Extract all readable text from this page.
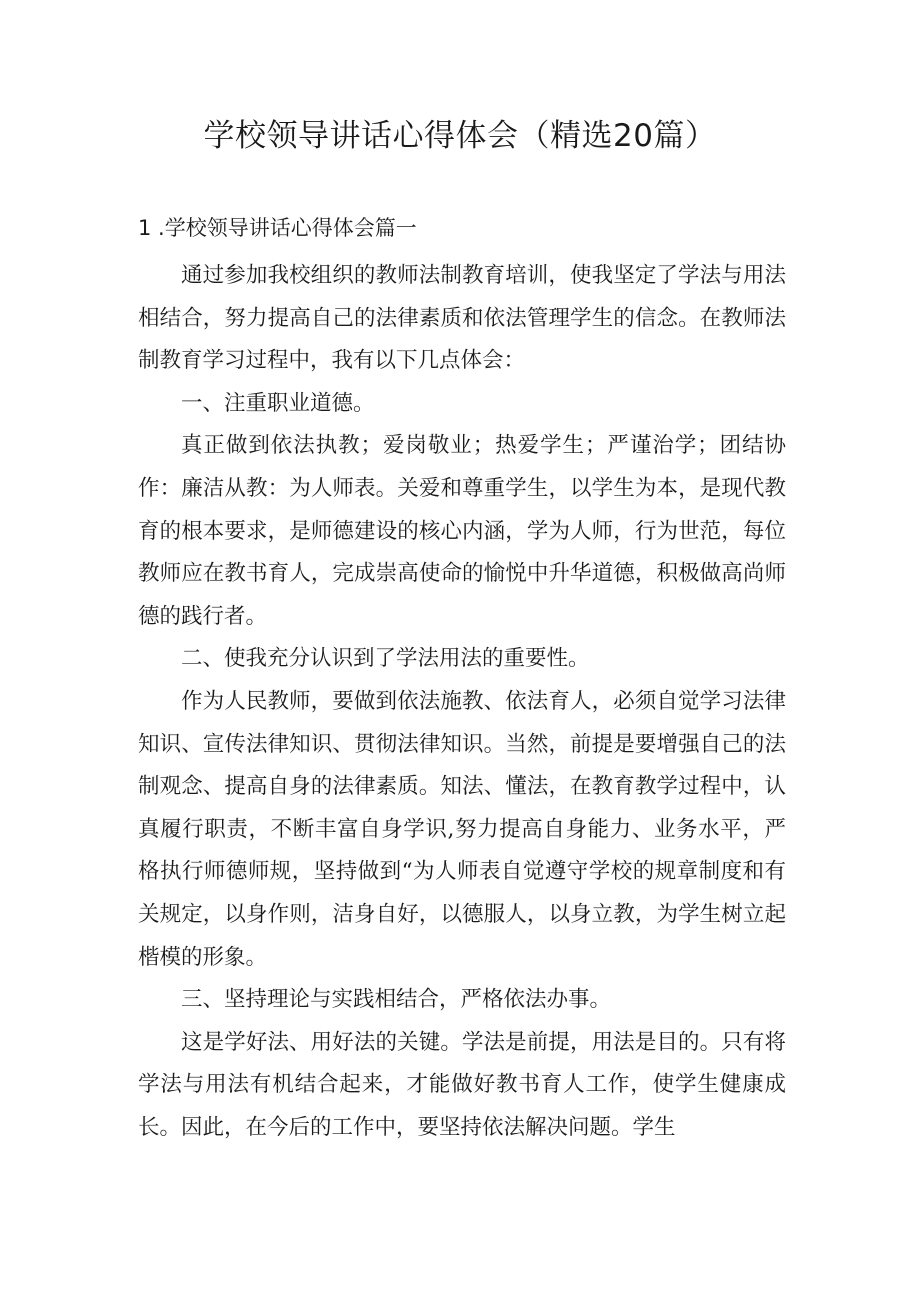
学校领导讲话心得体会（精选20篇）
1 .学校领导讲话心得体会篇一

通过参加我校组织的教师法制教育培训，使我坚定了学法与用法相结合，努力提高自己的法律素质和依法管理学生的信念。在教师法制教育学习过程中，我有以下几点体会：

一、注重职业道德。

真正做到依法执教；爱岗敬业；热爱学生；严谨治学；团结协作：廉洁从教：为人师表。关爱和尊重学生，以学生为本，是现代教育的根本要求，是师德建设的核心内涵，学为人师，行为世范，每位教师应在教书育人，完成崇高使命的愉悦中升华道德，积极做高尚师德的践行者。

二、使我充分认识到了学法用法的重要性。

作为人民教师，要做到依法施教、依法育人，必须自觉学习法律知识、宣传法律知识、贯彻法律知识。当然，前提是要增强自己的法制观念、提高自身的法律素质。知法、懂法，在教育教学过程中，认真履行职责，不断丰富自身学识,努力提高自身能力、业务水平，严格执行师德师规，坚持做到“为人师表自觉遵守学校的规章制度和有关规定，以身作则，洁身自好，以德服人，以身立教，为学生树立起楷模的形象。

三、坚持理论与实践相结合，严格依法办事。

这是学好法、用好法的关键。学法是前提，用法是目的。只有将学法与用法有机结合起来，才能做好教书育人工作，使学生健康成长。因此，在今后的工作中，要坚持依法解决问题。学生
